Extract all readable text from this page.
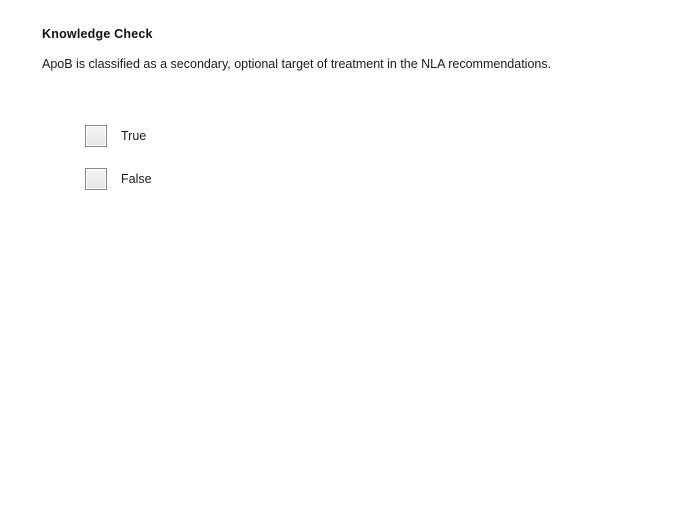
Knowledge Check
ApoB is classified as a secondary, optional target of treatment in the NLA recommendations.
True
False
